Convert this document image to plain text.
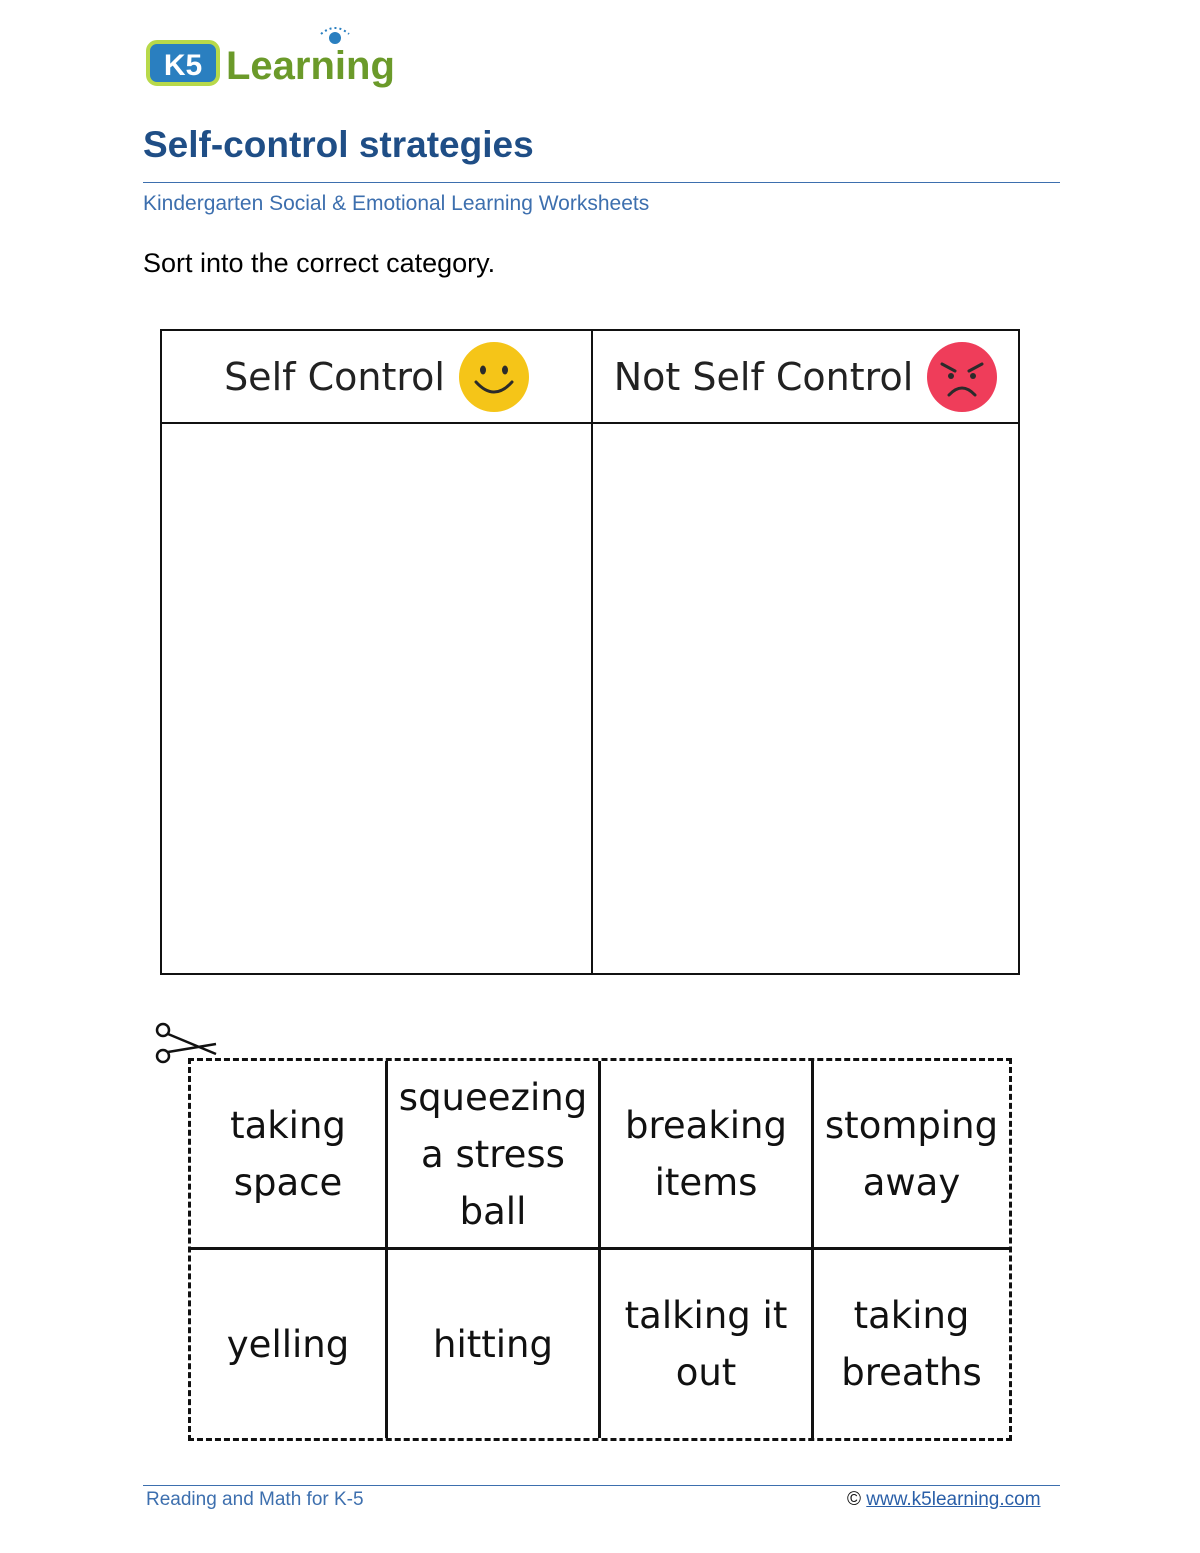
K5 Learning
Self-control strategies
Kindergarten Social & Emotional Learning Worksheets
Sort into the correct category.
Self Control	Not Self Control
taking
space
squeezing
a stress
ball
breaking
items
stomping
away
yelling hitting
talking it
out
taking
breaths
Reading and Math for K-5	© www.k5learning.com
